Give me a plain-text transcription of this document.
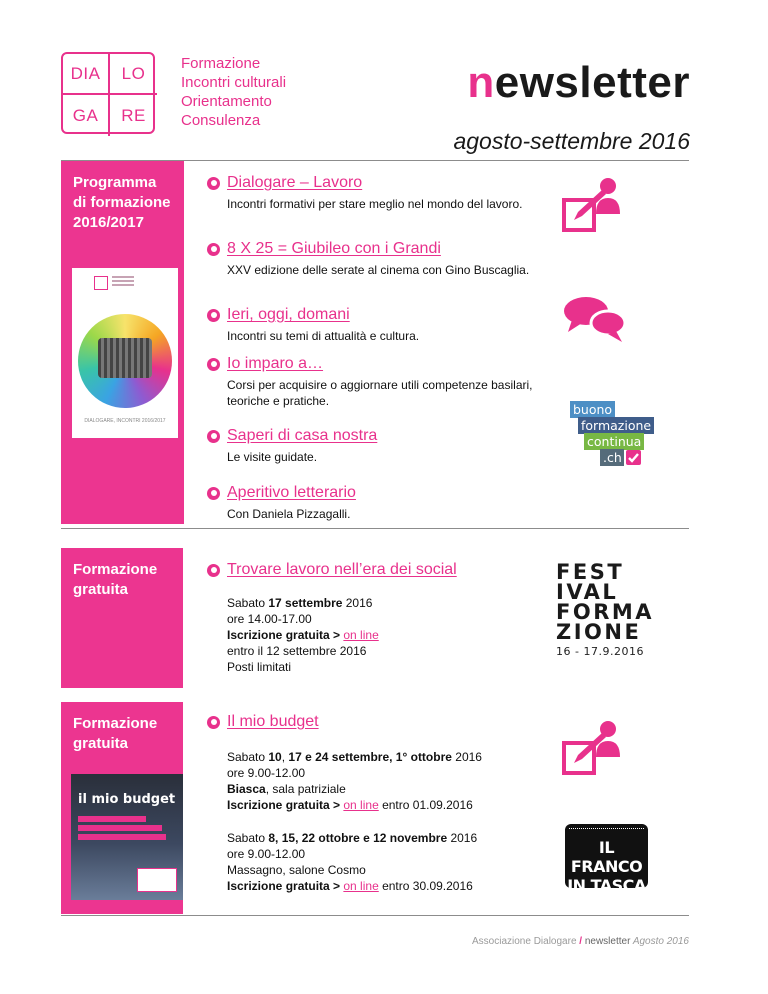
DIA	LO
GA	RE
Formazione
Incontri culturali
Orientamento
Consulenza
newsletter
agosto-settembre 2016
Programma di formazione 2016/2017
DIALOGARE, INCONTRI 2016/2017
Dialogare – Lavoro
Incontri formativi per stare meglio nel mondo del lavoro.
8 X 25 = Giubileo con i Grandi
XXV edizione delle serate al cinema con Gino Buscaglia.
Ieri, oggi, domani
Incontri su temi di attualità e cultura.
Io imparo a…
Corsi per acquisire o aggiornare utili competenze basilari, teoriche e pratiche.
Saperi di casa nostra
Le visite guidate.
Aperitivo letterario
Con Daniela Pizzagalli.
buono
formazione
continua
.ch
Formazione gratuita
Trovare lavoro nell’era dei social
Sabato 17 settembre 2016
ore 14.00-17.00
Iscrizione gratuita > on line
entro il 12 settembre 2016
Posti limitati
FEST
IVAL
FORMA
ZIONE
16 - 17.9.2016
Formazione gratuita
il mio budget
Il mio budget
Sabato 10, 17 e 24 settembre, 1° ottobre 2016
ore 9.00-12.00
Biasca, sala patriziale
Iscrizione gratuita > on line entro 01.09.2016
Sabato 8, 15, 22 ottobre e 12 novembre 2016
ore 9.00-12.00
Massagno, salone Cosmo
Iscrizione gratuita > on line entro 30.09.2016
IL FRANCO
IN TASCA
Associazione Dialogare / newsletter Agosto 2016
